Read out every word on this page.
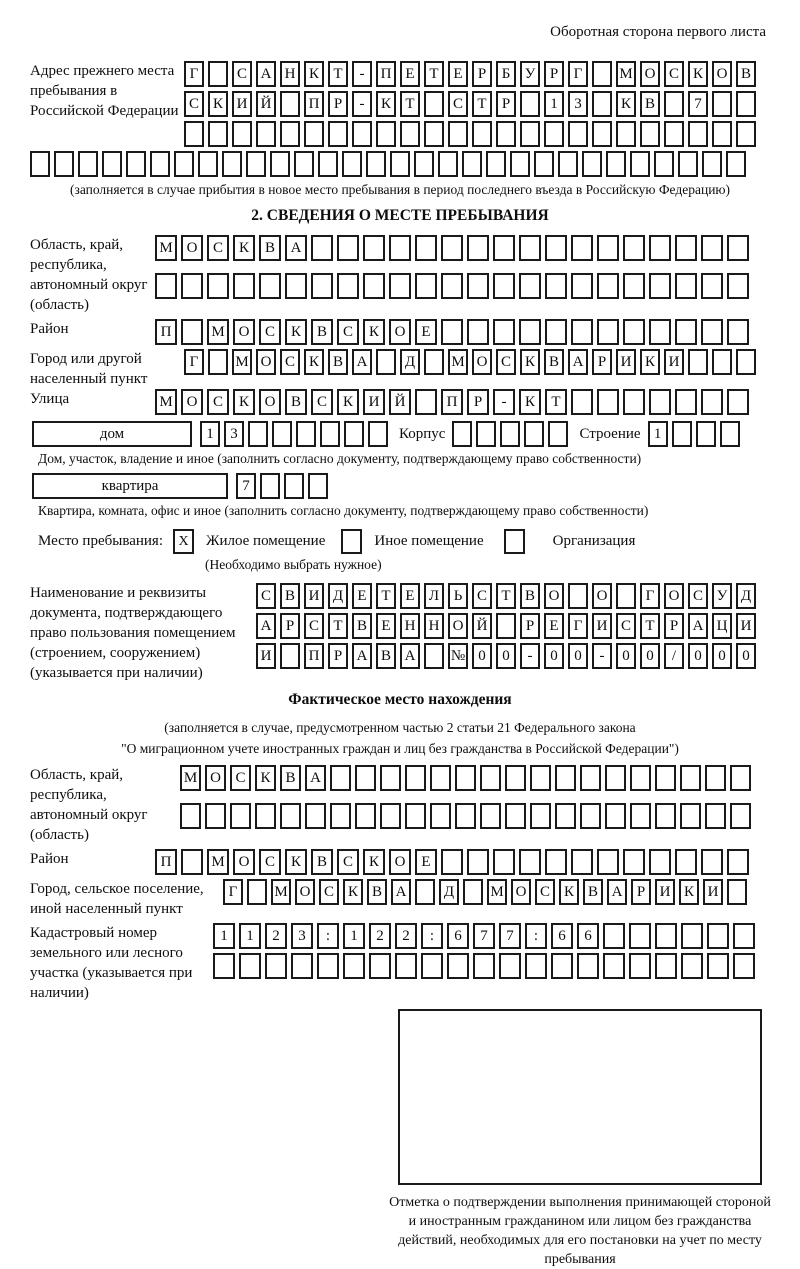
Оборотная сторона первого листа
Адрес прежнего места пребывания в Российской Федерации
Г	С А Н К Т	-	П Е Т Е	Р	Б У Р	Г	М О С К О В
С К И Й	П Р	-	К Т	С Т	Р	1	3	К В	7
(заполняется в случае прибытия в новое место пребывания в период последнего въезда в Российскую Федерацию)
2. СВЕДЕНИЯ О МЕСТЕ ПРЕБЫВАНИЯ
Область, край, республика, автономный округ (область)
М О	С	К	В	А
Район	П	М О	С	К	В	С	К	О	Е
Город или другой населенный пункт
Г	М О С К В А	Д	М О С К В А Р И К И
Улица	М О	С	К	О	В	С	К	И	Й	П	Р	-	К	Т
дом	1	3	Корпус	Строение 1
Дом, участок, владение и иное (заполнить согласно документу, подтверждающему право собственности)
квартира	7
Квартира, комната, офис и иное (заполнить согласно документу, подтверждающему право собственности)
Место пребывания:	X	Жилое помещение	Иное помещение	Организация
(Необходимо выбрать нужное)
Наименование и реквизиты документа, подтверждающего право пользования помещением (строением, сооружением) (указывается при наличии)
С В И Д Е Т Е Л Ь С Т В О	О	Г О С У Д
А Р С Т В Е Н Н О Й	Р	Е	Г И С Т	Р А Ц И
И	П Р А В А	№ 0	0	-	0	0	-	0	0	/	0	0	0
Фактическое место нахождения
(заполняется в случае, предусмотренном частью 2 статьи 21 Федерального закона
"О миграционном учете иностранных граждан и лиц без гражданства в Российской Федерации")
Область, край, республика, автономный округ (область)
М О С К В А
Район	П	М О	С	К	В	С	К	О	Е
Город, сельское поселение, иной населенный пункт
Г	М О С К В А	Д	М О С К В А Р И К И
Кадастровый номер земельного или лесного участка (указывается при наличии)
1	1	2	3	:	1	2	2	:	6	7	7	:	6	6
Отметка о подтверждении выполнения принимающей стороной и иностранным гражданином или лицом без гражданства действий, необходимых для его постановки на учет по месту пребывания
